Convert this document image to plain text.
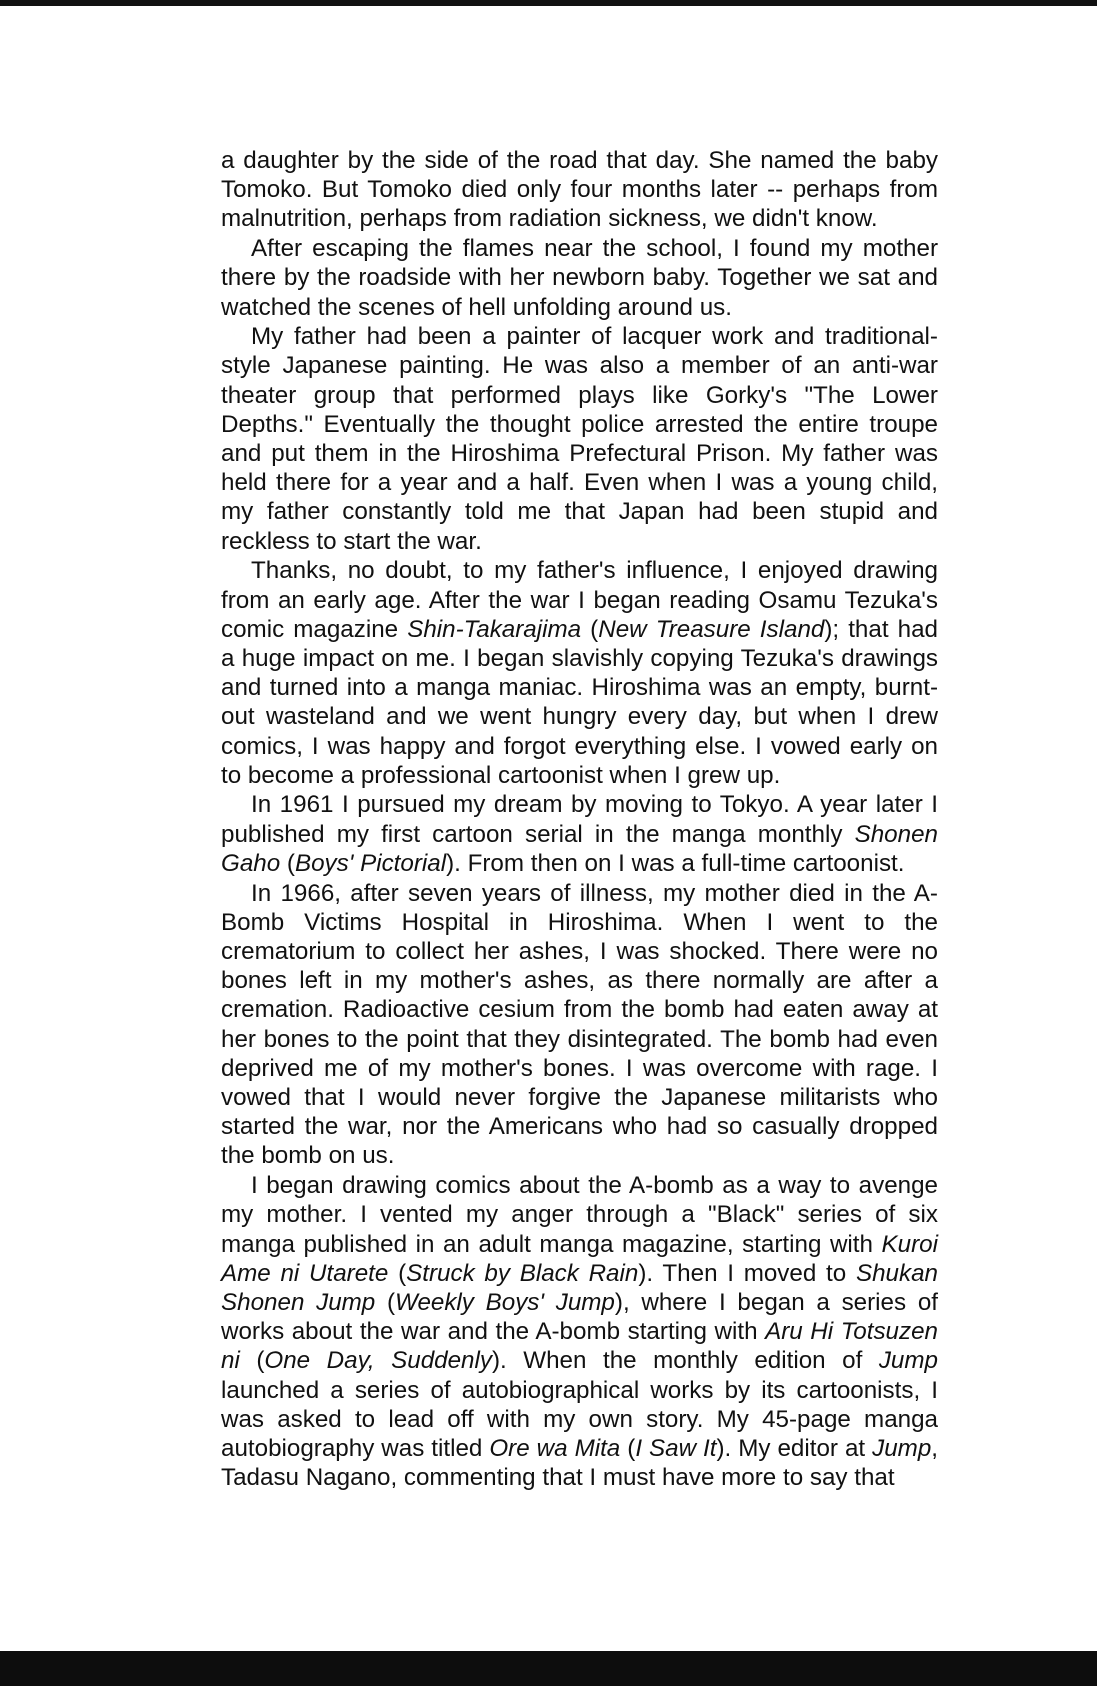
a daughter by the side of the road that day. She named the baby Tomoko. But Tomoko died only four months later -- perhaps from malnutrition, perhaps from radiation sickness, we didn't know.

After escaping the flames near the school, I found my mother there by the roadside with her newborn baby. Together we sat and watched the scenes of hell unfolding around us.

My father had been a painter of lacquer work and traditional-style Japanese painting. He was also a member of an anti-war theater group that performed plays like Gorky's "The Lower Depths." Eventually the thought police arrested the entire troupe and put them in the Hiroshima Prefectural Prison. My father was held there for a year and a half. Even when I was a young child, my father constantly told me that Japan had been stupid and reckless to start the war.

Thanks, no doubt, to my father's influence, I enjoyed drawing from an early age. After the war I began reading Osamu Tezuka's comic magazine Shin-Takarajima (New Treasure Island); that had a huge impact on me. I began slavishly copying Tezuka's drawings and turned into a manga maniac. Hiroshima was an empty, burnt-out wasteland and we went hungry every day, but when I drew comics, I was happy and forgot everything else. I vowed early on to become a professional cartoonist when I grew up.

In 1961 I pursued my dream by moving to Tokyo. A year later I published my first cartoon serial in the manga monthly Shonen Gaho (Boys' Pictorial). From then on I was a full-time cartoonist.

In 1966, after seven years of illness, my mother died in the A-Bomb Victims Hospital in Hiroshima. When I went to the crematorium to collect her ashes, I was shocked. There were no bones left in my mother's ashes, as there normally are after a cremation. Radioactive cesium from the bomb had eaten away at her bones to the point that they disintegrated. The bomb had even deprived me of my mother's bones. I was overcome with rage. I vowed that I would never forgive the Japanese militarists who started the war, nor the Americans who had so casually dropped the bomb on us.

I began drawing comics about the A-bomb as a way to avenge my mother. I vented my anger through a "Black" series of six manga published in an adult manga magazine, starting with Kuroi Ame ni Utarete (Struck by Black Rain). Then I moved to Shukan Shonen Jump (Weekly Boys' Jump), where I began a series of works about the war and the A-bomb starting with Aru Hi Totsuzen ni (One Day, Suddenly). When the monthly edition of Jump launched a series of autobiographical works by its cartoonists, I was asked to lead off with my own story. My 45-page manga autobiography was titled Ore wa Mita (I Saw It). My editor at Jump, Tadasu Nagano, commenting that I must have more to say that
